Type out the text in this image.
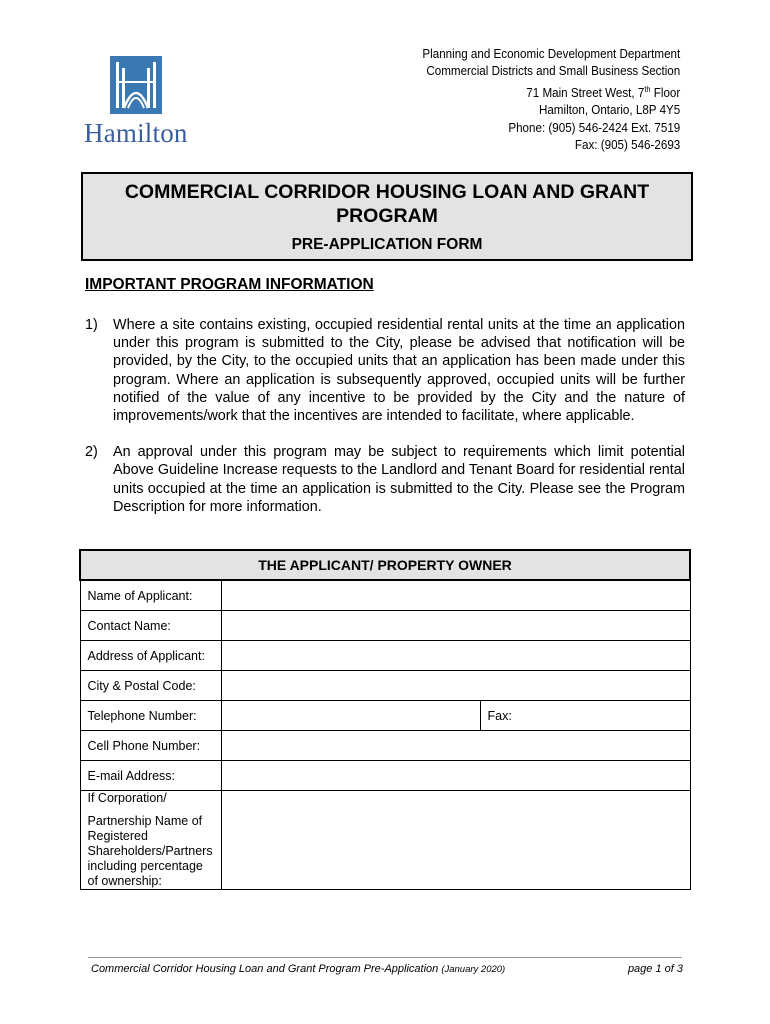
Hamilton
Planning and Economic Development Department
Commercial Districts and Small Business Section
71 Main Street West, 7th Floor
Hamilton, Ontario, L8P 4Y5
Phone: (905) 546-2424 Ext. 7519
Fax: (905) 546-2693
COMMERCIAL CORRIDOR HOUSING LOAN AND GRANT
PROGRAM
PRE-APPLICATION FORM
IMPORTANT PROGRAM INFORMATION
1)	Where a site contains existing, occupied residential rental units at the time an application under this program is submitted to the City, please be advised that notification will be provided, by the City, to the occupied units that an application has been made under this program. Where an application is subsequently approved, occupied units will be further notified of the value of any incentive to be provided by the City and the nature of improvements/work that the incentives are intended to facilitate, where applicable.
2)	An approval under this program may be subject to requirements which limit potential Above Guideline Increase requests to the Landlord and Tenant Board for residential rental units occupied at the time an application is submitted to the City. Please see the Program Description for more information.
THE APPLICANT/ PROPERTY OWNER		
Name of Applicant:		
Contact Name:		
Address of Applicant:		
City & Postal Code:		
Telephone Number:		Fax:
Cell Phone Number:		
E-mail Address:		

If Corporation/
Partnership Name of Registered Shareholders/Partners including percentage of ownership:		

Commercial Corridor Housing Loan and Grant Program Pre-Application (January 2020)	page 1 of 3
